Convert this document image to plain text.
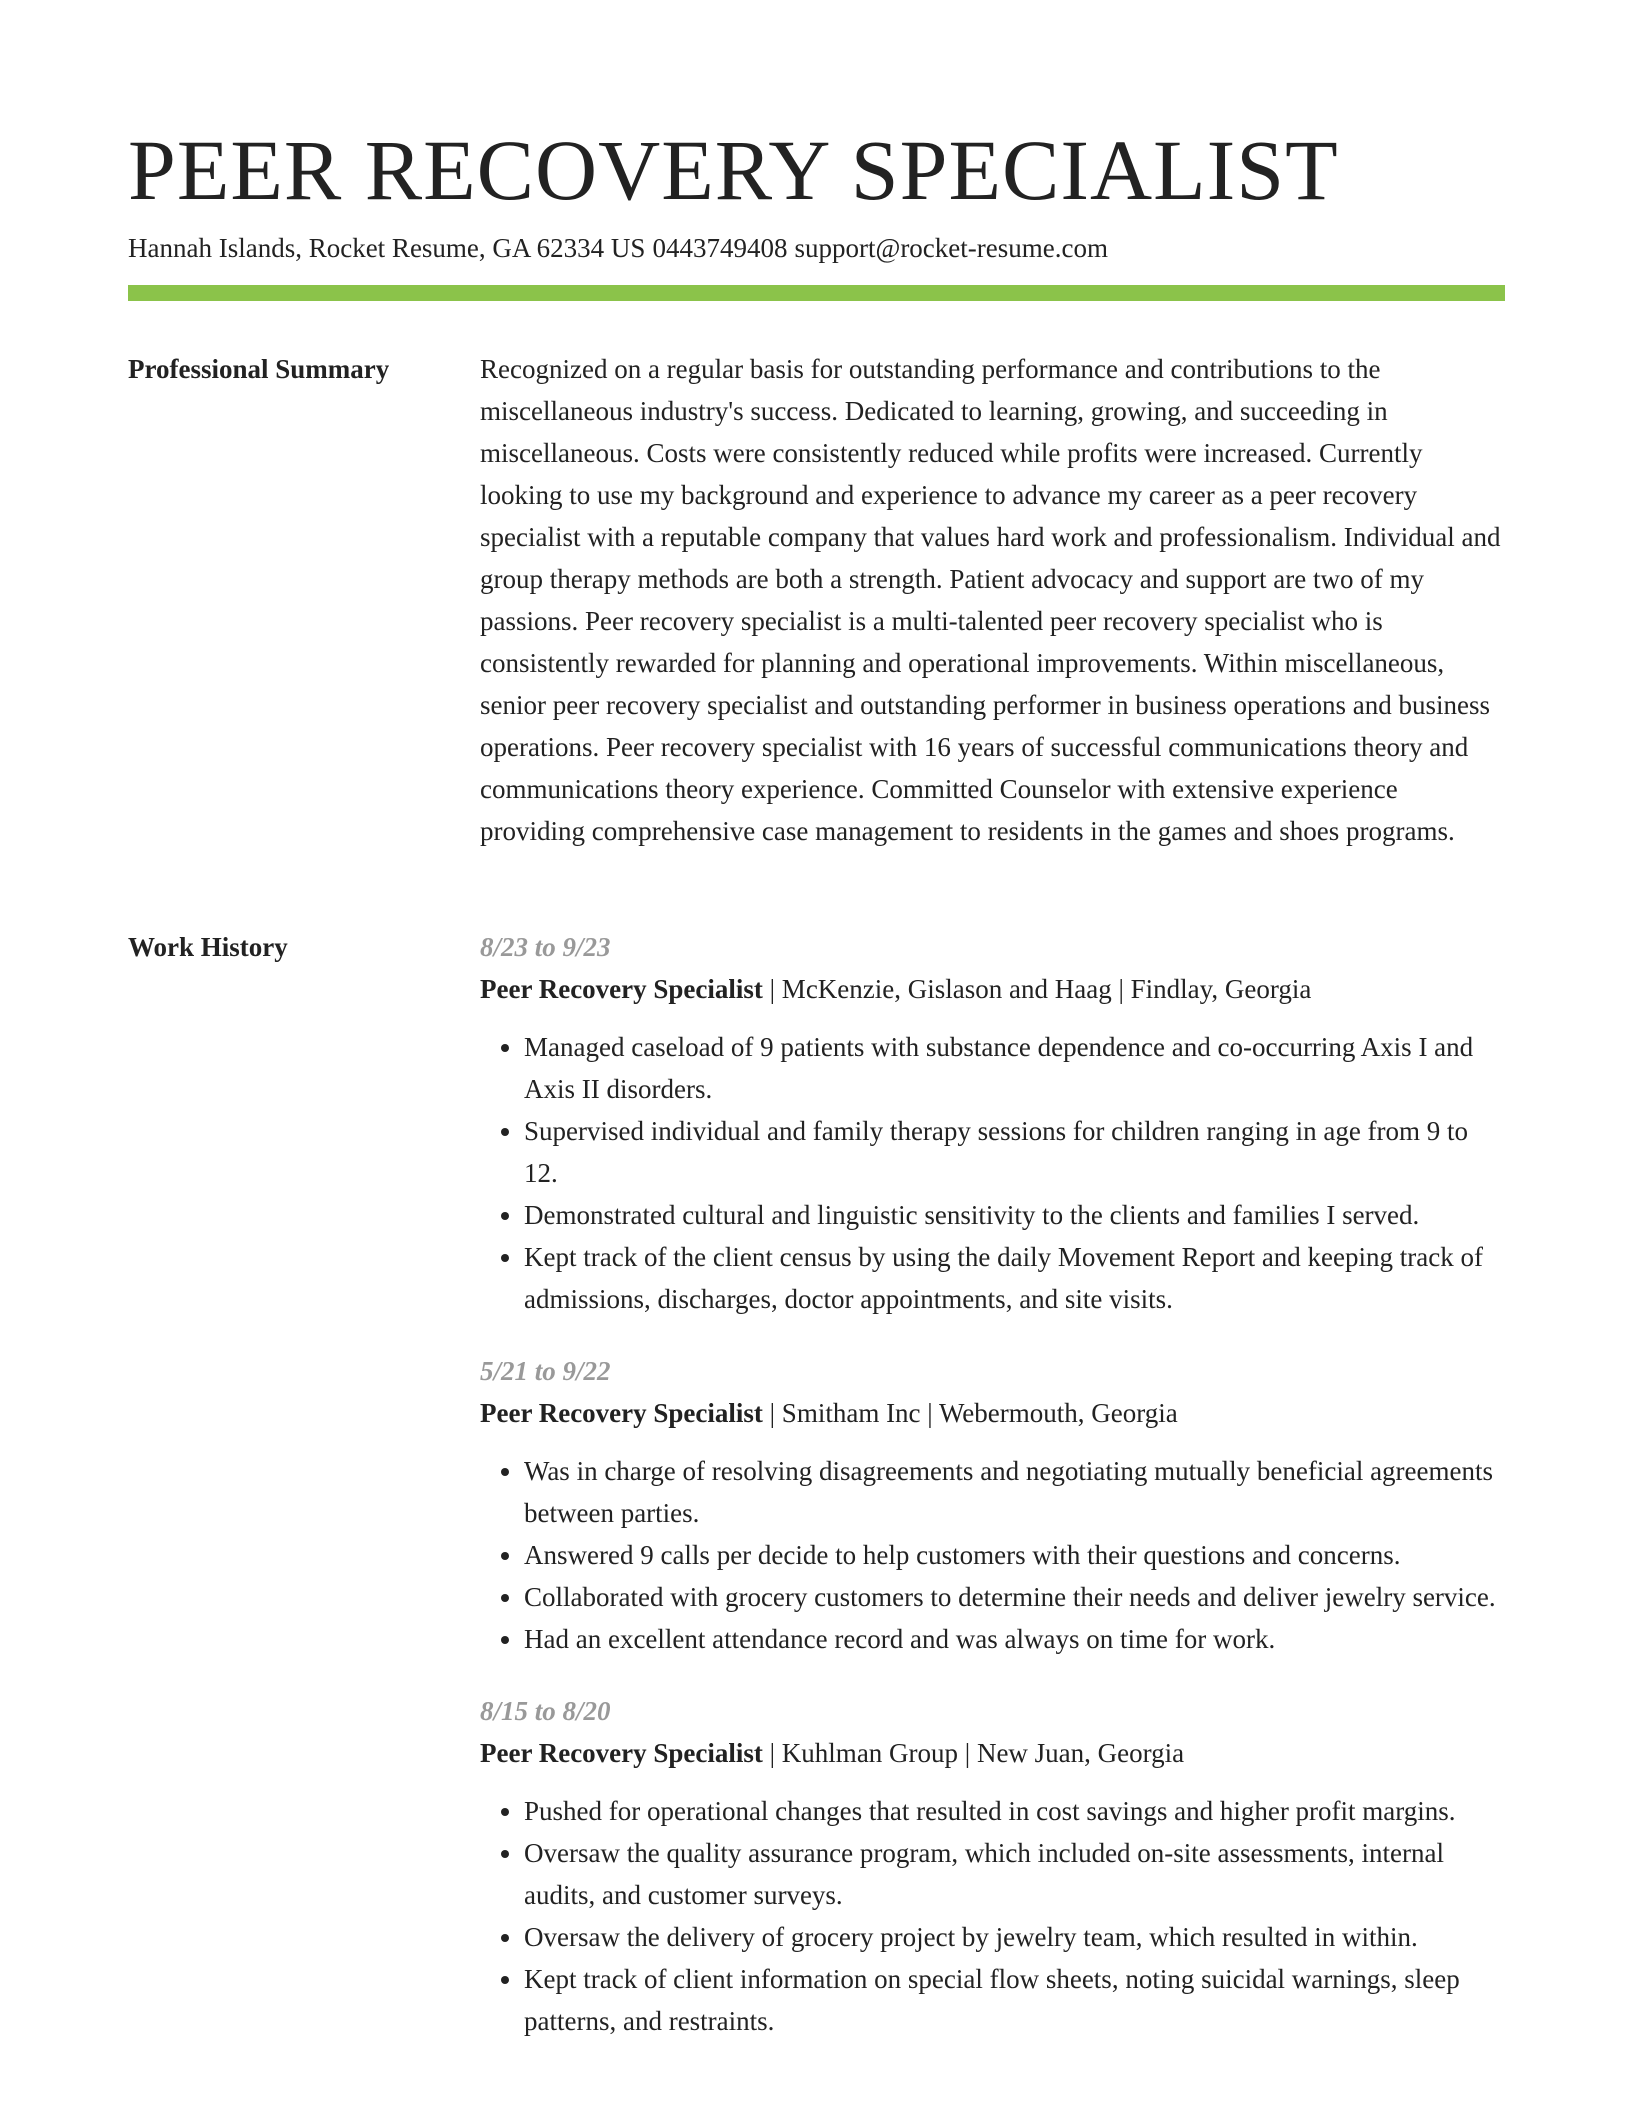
PEER RECOVERY SPECIALIST
Hannah Islands, Rocket Resume, GA 62334 US 0443749408 support@rocket-resume.com
Professional Summary	Recognized on a regular basis for outstanding performance and contributions to the miscellaneous industry's success. Dedicated to learning, growing, and succeeding in miscellaneous. Costs were consistently reduced while profits were increased. Currently looking to use my background and experience to advance my career as a peer recovery specialist with a reputable company that values hard work and professionalism. Individual and group therapy methods are both a strength. Patient advocacy and support are two of my passions. Peer recovery specialist is a multi-talented peer recovery specialist who is consistently rewarded for planning and operational improvements. Within miscellaneous, senior peer recovery specialist and outstanding performer in business operations and business operations. Peer recovery specialist with 16 years of successful communications theory and communications theory experience. Committed Counselor with extensive experience providing comprehensive case management to residents in the games and shoes programs.

Work History	8/23 to 9/23
Peer Recovery Specialist | McKenzie, Gislason and Haag | Findlay, Georgia
• Managed caseload of 9 patients with substance dependence and co-occurring Axis I and Axis II disorders.
• Supervised individual and family therapy sessions for children ranging in age from 9 to 12.
• Demonstrated cultural and linguistic sensitivity to the clients and families I served.
• Kept track of the client census by using the daily Movement Report and keeping track of admissions, discharges, doctor appointments, and site visits.
5/21 to 9/22
Peer Recovery Specialist | Smitham Inc | Webermouth, Georgia
• Was in charge of resolving disagreements and negotiating mutually beneficial agreements between parties.
• Answered 9 calls per decide to help customers with their questions and concerns.
• Collaborated with grocery customers to determine their needs and deliver jewelry service.
• Had an excellent attendance record and was always on time for work.
8/15 to 8/20
Peer Recovery Specialist | Kuhlman Group | New Juan, Georgia
• Pushed for operational changes that resulted in cost savings and higher profit margins.
• Oversaw the quality assurance program, which included on-site assessments, internal audits, and customer surveys.
• Oversaw the delivery of grocery project by jewelry team, which resulted in within.
• Kept track of client information on special flow sheets, noting suicidal warnings, sleep patterns, and restraints.
